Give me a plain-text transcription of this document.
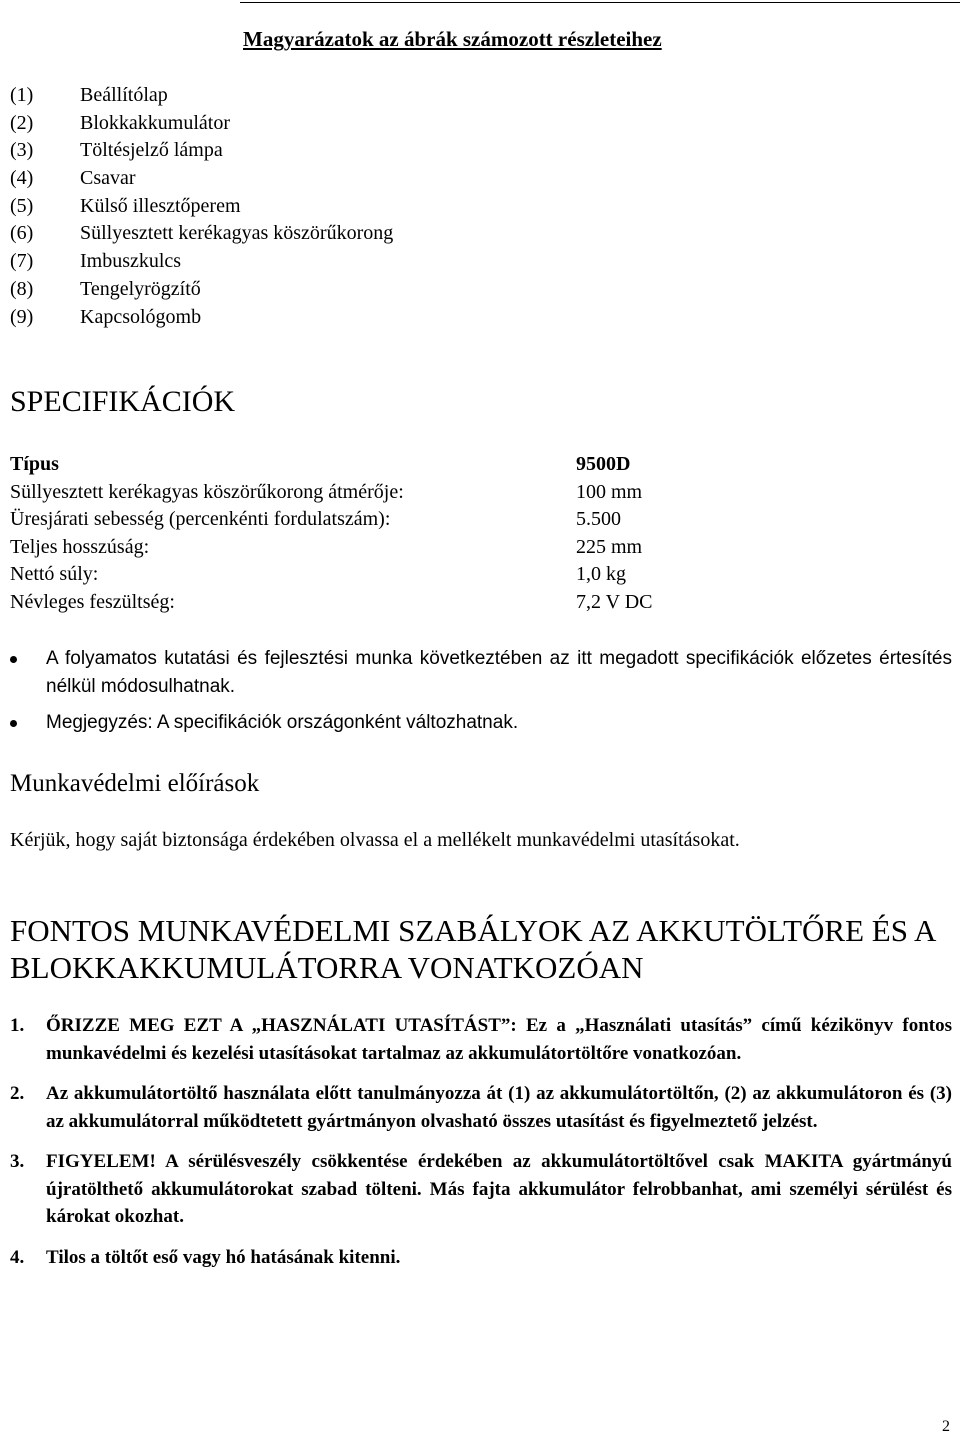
Magyarázatok az ábrák számozott részleteihez
(1)	Beállítólap
(2)	Blokkakkumulátor
(3)	Töltésjelző lámpa
(4)	Csavar
(5)	Külső illesztőperem
(6)	Süllyesztett kerékagyas köszörűkorong
(7)	Imbuszkulcs
(8)	Tengelyrögzítő
(9)	Kapcsológomb
SPECIFIKÁCIÓK
Típus	9500D
Süllyesztett kerékagyas köszörűkorong átmérője:	100 mm
Üresjárati sebesség (percenkénti fordulatszám):	5.500
Teljes hosszúság:	225 mm
Nettó súly:	1,0 kg
Névleges feszültség:	7,2 V DC
A folyamatos kutatási és fejlesztési munka következtében az itt megadott specifikációk előzetes értesítés nélkül módosulhatnak.
Megjegyzés: A specifikációk országonként változhatnak.
Munkavédelmi előírások
Kérjük, hogy saját biztonsága érdekében olvassa el a mellékelt munkavédelmi utasításokat.
FONTOS MUNKAVÉDELMI SZABÁLYOK AZ AKKUTÖLTŐRE ÉS A BLOKKAKKUMULÁTORRA VONATKOZÓAN
1. ŐRIZZE MEG EZT A „HASZNÁLATI UTASÍTÁST”: Ez a „Használati utasítás” című kézikönyv fontos munkavédelmi és kezelési utasításokat tartalmaz az akkumulátortöltőre vonatkozóan.
2. Az akkumulátortöltő használata előtt tanulmányozza át (1) az akkumulátortöltőn, (2) az akkumulátoron és (3) az akkumulátorral működtetett gyártmányon olvasható összes utasítást és figyelmeztető jelzést.
3. FIGYELEM! A sérülésveszély csökkentése érdekében az akkumulátortöltővel csak MAKITA gyártmányú újratölthető akkumulátorokat szabad tölteni. Más fajta akkumulátor felrobbanhat, ami személyi sérülést és károkat okozhat.
4. Tilos a töltőt eső vagy hó hatásának kitenni.
2
